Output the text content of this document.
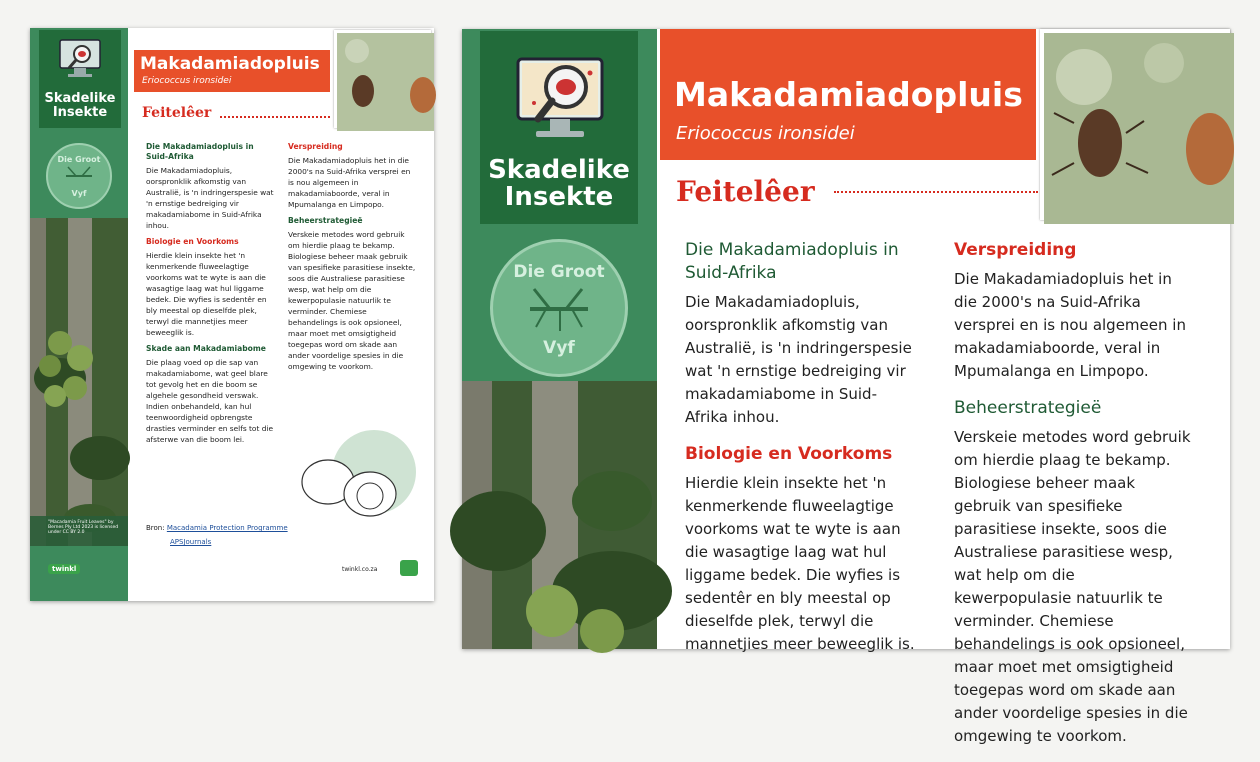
Skadelike
Insekte
Die Groot
Vyf
"Macadamia Fruit Leaves" by Bernes Ply Ltd 2023 is licensed under CC BY 2.0
twinkl
Makadamiadopluis
Eriococcus ironsidei
Feitelêer
Die Makadamiadopluis in Suid-Afrika

Die Makadamiadopluis, oorspronklik afkomstig van Australië, is 'n indringerspesie wat 'n ernstige bedreiging vir makadamiabome in Suid-Afrika inhou.

Biologie en Voorkoms

Hierdie klein insekte het 'n kenmerkende fluweelagtige voorkoms wat te wyte is aan die wasagtige laag wat hul liggame bedek. Die wyfies is sedentêr en bly meestal op dieselfde plek, terwyl die mannetjies meer beweeglik is.

Skade aan Makadamiabome

Die plaag voed op die sap van makadamiabome, wat geel blare tot gevolg het en die boom se algehele gesondheid verswak. Indien onbehandeld, kan hul teenwoordigheid opbrengste drasties verminder en selfs tot die afsterwe van die boom lei.

Verspreiding

Die Makadamiadopluis het in die 2000's na Suid-Afrika versprei en is nou algemeen in makadamiaboorde, veral in Mpumalanga en Limpopo.

Beheerstrategieë

Verskeie metodes word gebruik om hierdie plaag te bekamp. Biologiese beheer maak gebruik van spesifieke parasitiese insekte, soos die Australiese parasitiese wesp, wat help om die kewerpopulasie natuurlik te verminder. Chemiese behandelings is ook opsioneel, maar moet met omsigtigheid toegepas word om skade aan ander voordelige spesies in die omgewing te voorkom.

Bron: Macadamia Protection Programme
APSJournals
twinkl.co.za
Skadelike
Insekte
Die Groot
Vyf
Makadamiadopluis
Eriococcus ironsidei
Feitelêer
Die Makadamiadopluis in Suid-Afrika

Die Makadamiadopluis, oorspronklik afkomstig van Australië, is 'n indringerspesie wat 'n ernstige bedreiging vir makadamiabome in Suid-Afrika inhou.

Biologie en Voorkoms

Hierdie klein insekte het 'n kenmerkende fluweelagtige voorkoms wat te wyte is aan die wasagtige laag wat hul liggame bedek. Die wyfies is sedentêr en bly meestal op dieselfde plek, terwyl die mannetjies meer beweeglik is.

Verspreiding

Die Makadamiadopluis het in die 2000's na Suid-Afrika versprei en is nou algemeen in makadamiaboorde, veral in Mpumalanga en Limpopo.

Beheerstrategieë

Verskeie metodes word gebruik om hierdie plaag te bekamp. Biologiese beheer maak gebruik van spesifieke parasitiese insekte, soos die Australiese parasitiese wesp, wat help om die kewerpopulasie natuurlik te verminder. Chemiese behandelings is ook opsioneel, maar moet met omsigtigheid toegepas word om skade aan ander voordelige spesies in die omgewing te voorkom.
